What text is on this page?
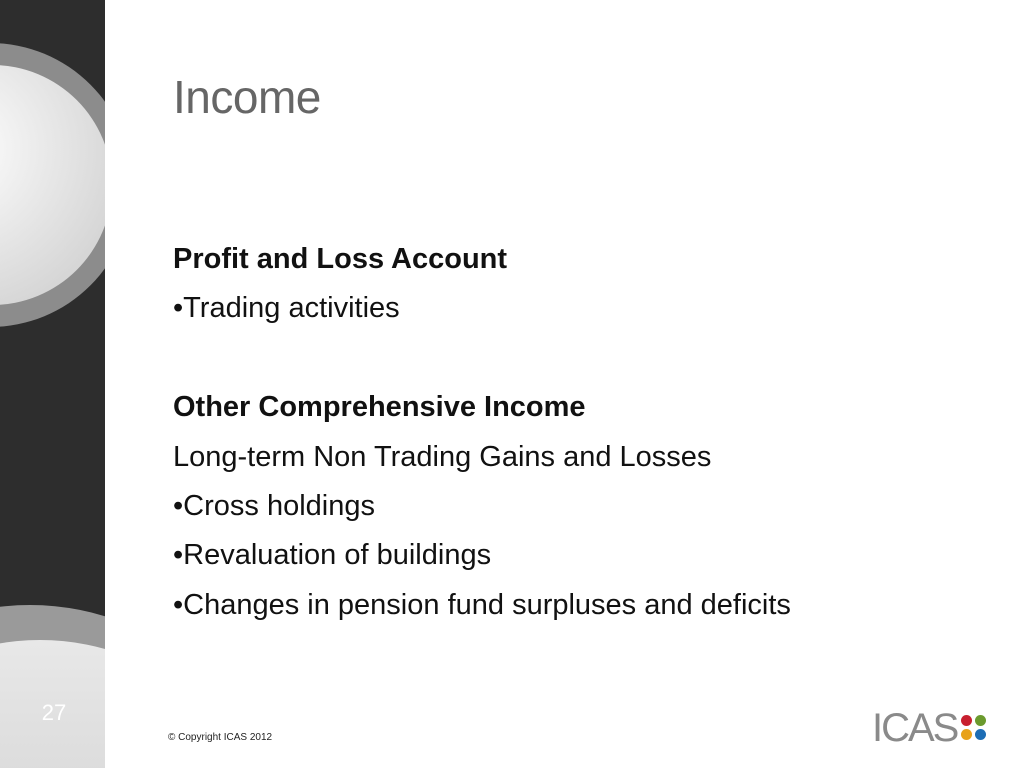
27
Income
Profit and Loss Account
•Trading activities
Other Comprehensive Income
Long-term Non Trading Gains and Losses
•Cross holdings
•Revaluation of buildings
•Changes in pension fund surpluses and deficits
© Copyright ICAS 2012	ICAS
